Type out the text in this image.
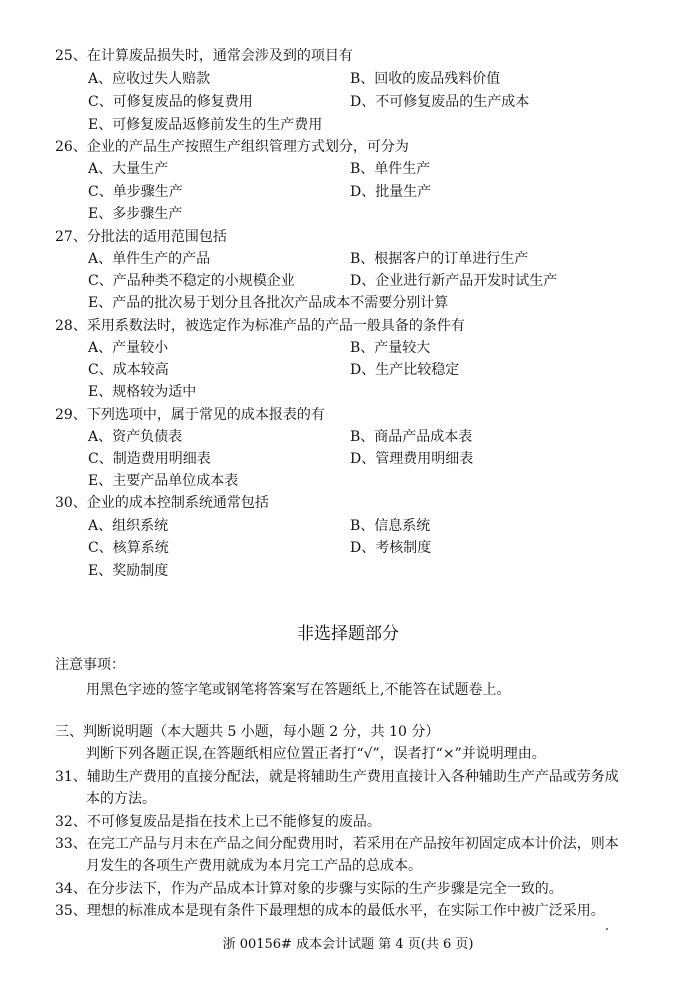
25、在计算废品损失时，通常会涉及到的项目有
A、应收过失人赔款	B、回收的废品残料价值
C、可修复废品的修复费用	D、不可修复废品的生产成本
E、可修复废品返修前发生的生产费用
26、企业的产品生产按照生产组织管理方式划分，可分为
A、大量生产	B、单件生产
C、单步骤生产	D、批量生产
E、多步骤生产
27、分批法的适用范围包括
A、单件生产的产品	B、根据客户的订单进行生产
C、产品种类不稳定的小规模企业	D、企业进行新产品开发时试生产
E、产品的批次易于划分且各批次产品成本不需要分别计算
28、采用系数法时，被选定作为标准产品的产品一般具备的条件有
A、产量较小	B、产量较大
C、成本较高	D、生产比较稳定
E、规格较为适中
29、下列选项中，属于常见的成本报表的有
A、资产负债表	B、商品产品成本表
C、制造费用明细表	D、管理费用明细表
E、主要产品单位成本表
30、企业的成本控制系统通常包括
A、组织系统	B、信息系统
C、核算系统	D、考核制度
E、奖励制度
非选择题部分
注意事项：
用黑色字迹的签字笔或钢笔将答案写在答题纸上,不能答在试题卷上。
三、判断说明题（本大题共 5 小题，每小题 2 分，共 10 分）
判断下列各题正误,在答题纸相应位置正者打“√”，误者打“×”并说明理由。
31、辅助生产费用的直接分配法，就是将辅助生产费用直接计入各种辅助生产产品或劳务成
本的方法。
32、不可修复废品是指在技术上已不能修复的废品。
33、在完工产品与月末在产品之间分配费用时，若采用在产品按年初固定成本计价法，则本
月发生的各项生产费用就成为本月完工产品的总成本。
34、在分步法下，作为产品成本计算对象的步骤与实际的生产步骤是完全一致的。
35、理想的标准成本是现有条件下最理想的成本的最低水平，在实际工作中被广泛采用。
浙 00156# 成本会计试题 第 4 页(共 6 页)
